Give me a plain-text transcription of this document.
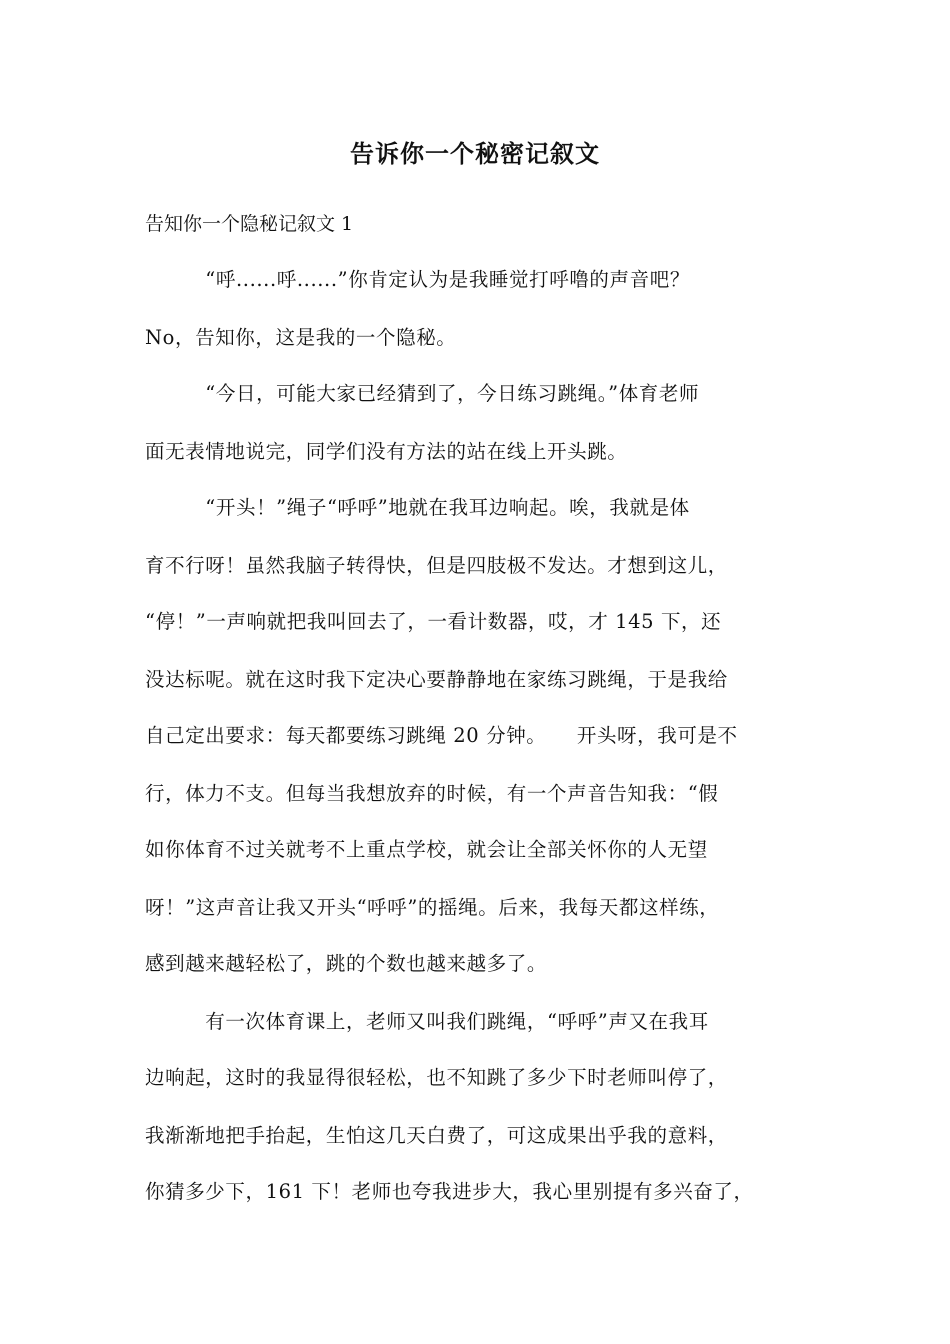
告诉你一个秘密记叙文
告知你一个隐秘记叙文 1
　　　“呼......呼......”你肯定认为是我睡觉打呼噜的声音吧？
No，告知你，这是我的一个隐秘。
　　　“今日，可能大家已经猜到了，今日练习跳绳。”体育老师
面无表情地说完，同学们没有方法的站在线上开头跳。
　　　“开头！”绳子“呼呼”地就在我耳边响起。唉，我就是体
育不行呀！虽然我脑子转得快，但是四肢极不发达。才想到这儿，
“停！”一声响就把我叫回去了，一看计数器，哎，才 145 下，还
没达标呢。就在这时我下定决心要静静地在家练习跳绳，于是我给
自己定出要求：每天都要练习跳绳 20 分钟。　　开头呀，我可是不
行，体力不支。但每当我想放弃的时候，有一个声音告知我：“假
如你体育不过关就考不上重点学校，就会让全部关怀你的人无望
呀！”这声音让我又开头“呼呼”的摇绳。后来，我每天都这样练，
感到越来越轻松了，跳的个数也越来越多了。
　　　有一次体育课上，老师又叫我们跳绳，“呼呼”声又在我耳
边响起，这时的我显得很轻松，也不知跳了多少下时老师叫停了，
我渐渐地把手抬起，生怕这几天白费了，可这成果出乎我的意料，
你猜多少下，161 下！老师也夸我进步大，我心里别提有多兴奋了，
